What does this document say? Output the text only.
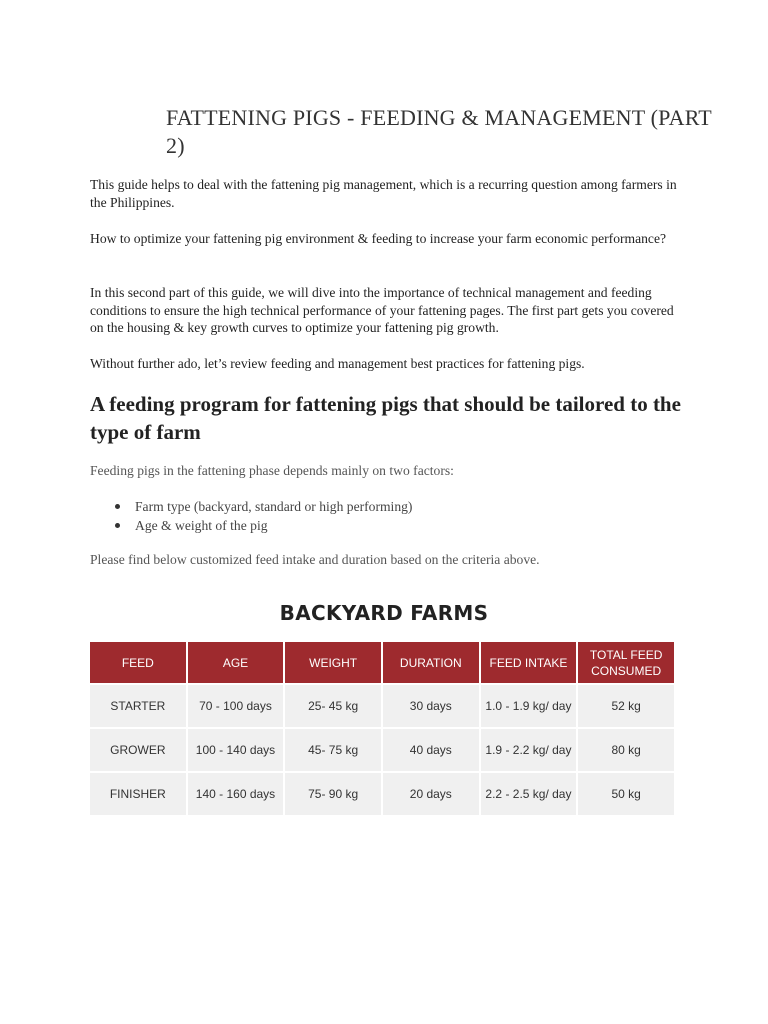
FATTENING PIGS - FEEDING & MANAGEMENT (PART 2)

This guide helps to deal with the fattening pig management, which is a recurring question among farmers in the Philippines.

How to optimize your fattening pig environment & feeding to increase your farm economic performance?

In this second part of this guide, we will dive into the importance of technical management and feeding conditions to ensure the high technical performance of your fattening pages. The first part gets you covered on the housing & key growth curves to optimize your fattening pig growth.

Without further ado, let’s review feeding and management best practices for fattening pigs.

A feeding program for fattening pigs that should be tailored to the type of farm

Feeding pigs in the fattening phase depends mainly on two factors:

Farm type (backyard, standard or high performing)
Age & weight of the pig

Please find below customized feed intake and duration based on the criteria above.

BACKYARD FARMS
FEED	AGE	WEIGHT	DURATION	FEED INTAKE	TOTAL FEED CONSUMED
STARTER	70 - 100 days	25- 45 kg	30 days	1.0 - 1.9 kg/ day	52 kg
GROWER	100 - 140 days	45- 75 kg	40 days	1.9 - 2.2 kg/ day	80 kg
FINISHER	140 - 160 days	75- 90 kg	20 days	2.2 - 2.5 kg/ day	50 kg
